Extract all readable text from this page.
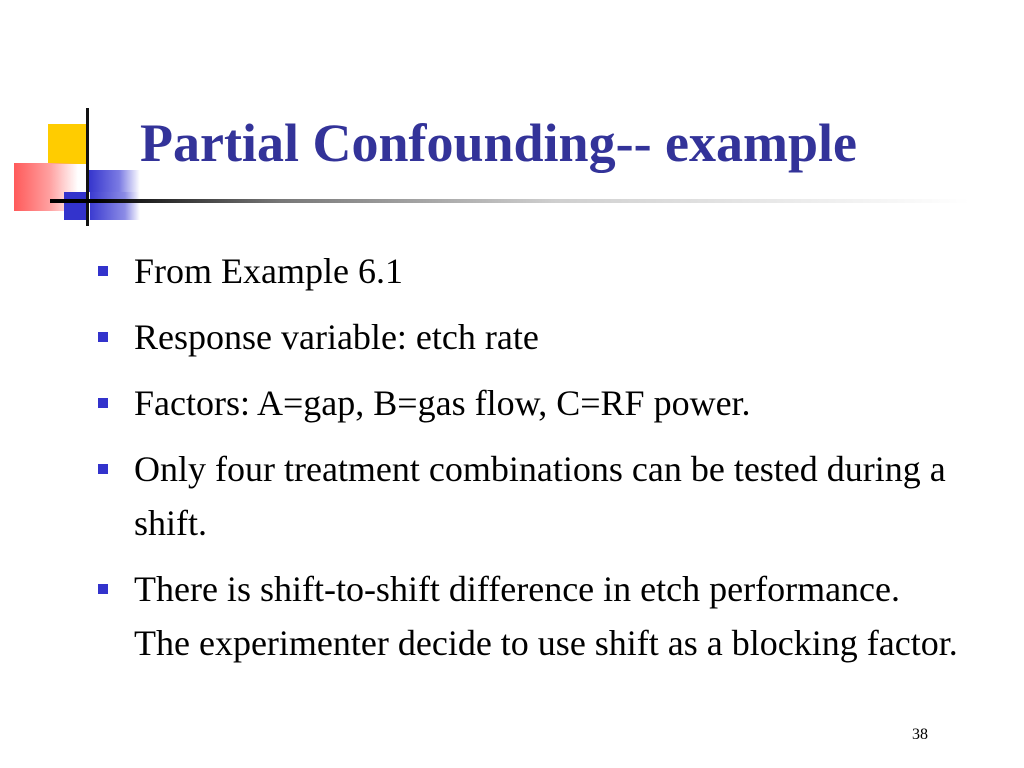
Partial Confounding-- example
From Example 6.1
Response variable: etch rate
Factors: A=gap, B=gas flow, C=RF power.
Only four treatment combinations can be tested during a shift.
There is shift-to-shift difference in etch performance. The experimenter decide to use shift as a blocking factor.
38
